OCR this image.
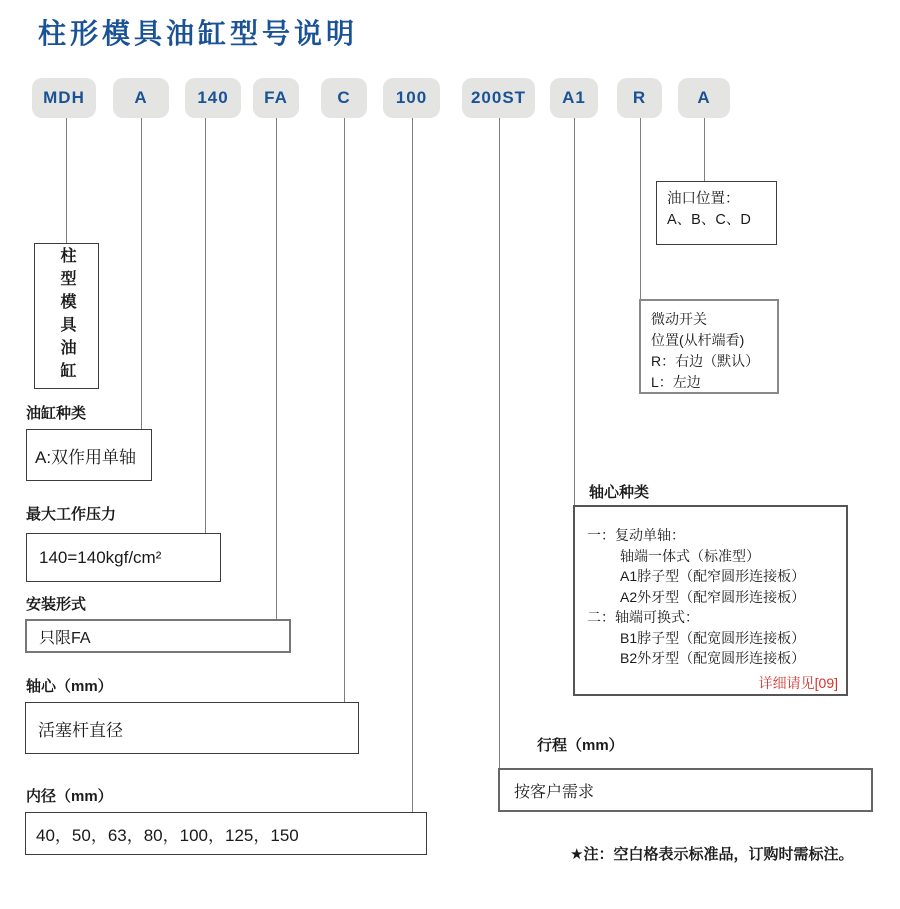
柱形模具油缸型号说明
MDH	A	140	FA	C	100	200ST	A1	R	A
柱型模具油缸
油缸种类
A:双作用单轴
最大工作压力
140=140kgf/cm²
安装形式
只限FA
轴心（mm）
活塞杆直径
内径（mm）
40，50，63，80，100，125，150
油口位置：
A、B、C、D
微动开关
位置(从杆端看)
R：右边（默认）
L：左边
轴心种类
一：复动单轴：
轴端一体式（标准型）
A1脖子型（配窄圆形连接板）
A2外牙型（配窄圆形连接板）
二：轴端可换式：
B1脖子型（配宽圆形连接板）
B2外牙型（配宽圆形连接板）
详细请见[09]
行程（mm）
按客户需求
★注：空白格表示标准品，订购时需标注。
